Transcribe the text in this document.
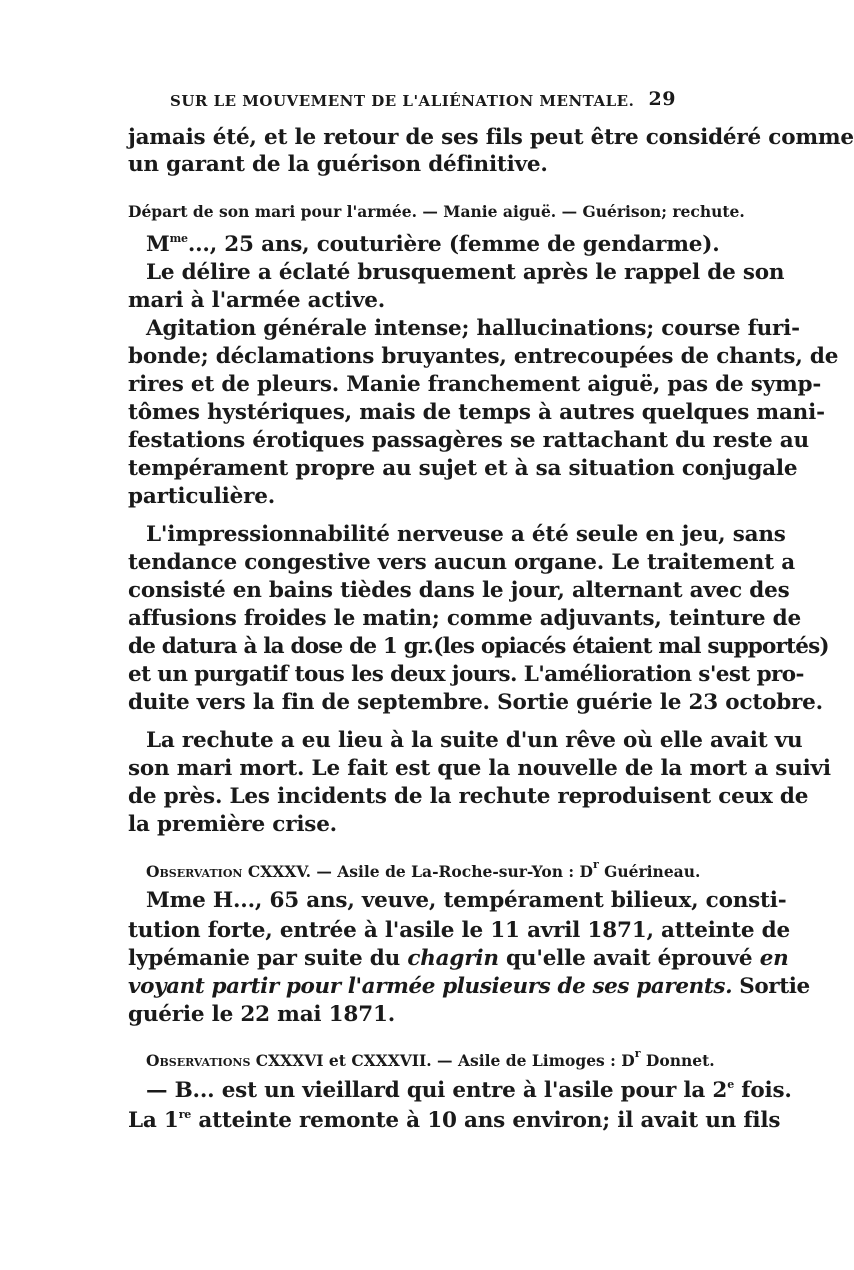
SUR LE MOUVEMENT DE L'ALIÉNATION MENTALE. 29
jamais été, et le retour de ses fils peut être considéré comme
un garant de la guérison définitive.
Départ de son mari pour l'armée. — Manie aiguë. — Guérison; rechute.
$M^{me}$..., 25 ans, couturière (femme de gendarme).
Le délire a éclaté brusquement après le rappel de son
mari à l'armée active.
Agitation générale intense; hallucinations; course furi-
bonde; déclamations bruyantes, entrecoupées de chants, de
rires et de pleurs. Manie franchement aiguë, pas de symp-
tômes hystériques, mais de temps à autres quelques mani-
festations érotiques passagères se rattachant du reste au
tempérament propre au sujet et à sa situation conjugale
particulière.
L'impressionnabilité nerveuse a été seule en jeu, sans
tendance congestive vers aucun organe. Le traitement a
consisté en bains tièdes dans le jour, alternant avec des
affusions froides le matin; comme adjuvants, teinture de
de datura à la dose de 1 gr.(les opiacés étaient mal supportés)
et un purgatif tous les deux jours. L'amélioration s'est pro-
duite vers la fin de septembre. Sortie guérie le 23 octobre.
La rechute a eu lieu à la suite d'un rêve où elle avait vu
son mari mort. Le fait est que la nouvelle de la mort a suivi
de près. Les incidents de la rechute reproduisent ceux de
la première crise.
Observation CXXXV. — Asile de La-Roche-sur-Yon : $D^r$ Guérineau.
Mme H..., 65 ans, veuve, tempérament bilieux, consti-
tution forte, entrée à l'asile le 11 avril 1871, atteinte de
lypémanie par suite du chagrin qu'elle avait éprouvé en
voyant partir pour l'armée plusieurs de ses parents. Sortie
guérie le 22 mai 1871.
Observations CXXXVI et CXXXVII. — Asile de Limoges : $D^r$ Donnet.
— B... est un vieillard qui entre à l'asile pour la 2e fois.
La 1re atteinte remonte à 10 ans environ; il avait un fils
